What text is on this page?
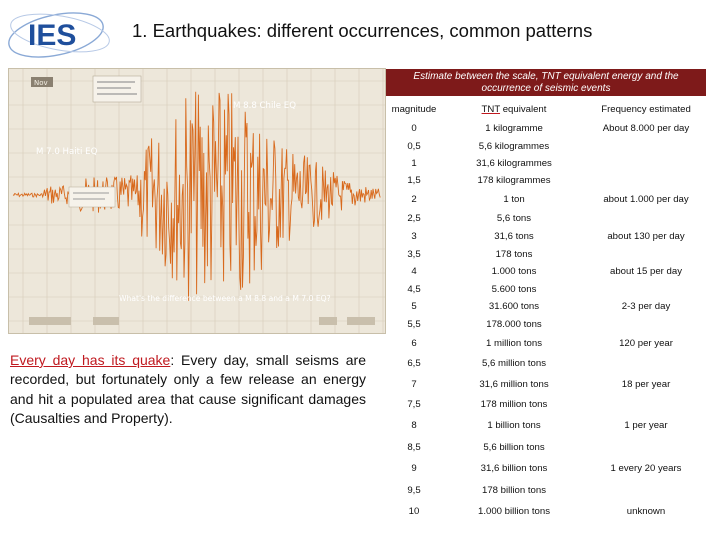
IES	1. Earthquakes: different occurrences, common patterns
Nov
M 8.8 Chile EQ
M 7.0 Haiti EQ
What's the difference between a M 8.8 and a M 7.0 EQ?
Every day has its quake: Every day, small seisms are recorded, but fortunately only a few release an energy and hit a populated area that cause significant damages (Causalties and Property).
Estimate between the scale, TNT equivalent energy and the occurrence of seismic events
magnitude	TNT equivalent	Frequency estimated
0	1 kilogramme	About 8.000 per day
0,5	5,6 kilogrammes	
1	31,6 kilogrammes	
1,5	178 kilogrammes	
2	1 ton	about 1.000 per day
2,5	5,6 tons	
3	31,6 tons	about 130 per day
3,5	178 tons	
4	1.000 tons	about 15 per day
4,5	5.600 tons	
5	31.600 tons	2-3 per day
5,5	178.000 tons	
6	1 million tons	120 per year
6,5	5,6 million tons	
7	31,6 million tons	18 per year
7,5	178 million tons	
8	1 billion tons	1 per year
8,5	5,6 billion tons	
9	31,6 billion tons	1 every 20 years
9,5	178 billion tons	
10	1.000 billion tons	unknown
